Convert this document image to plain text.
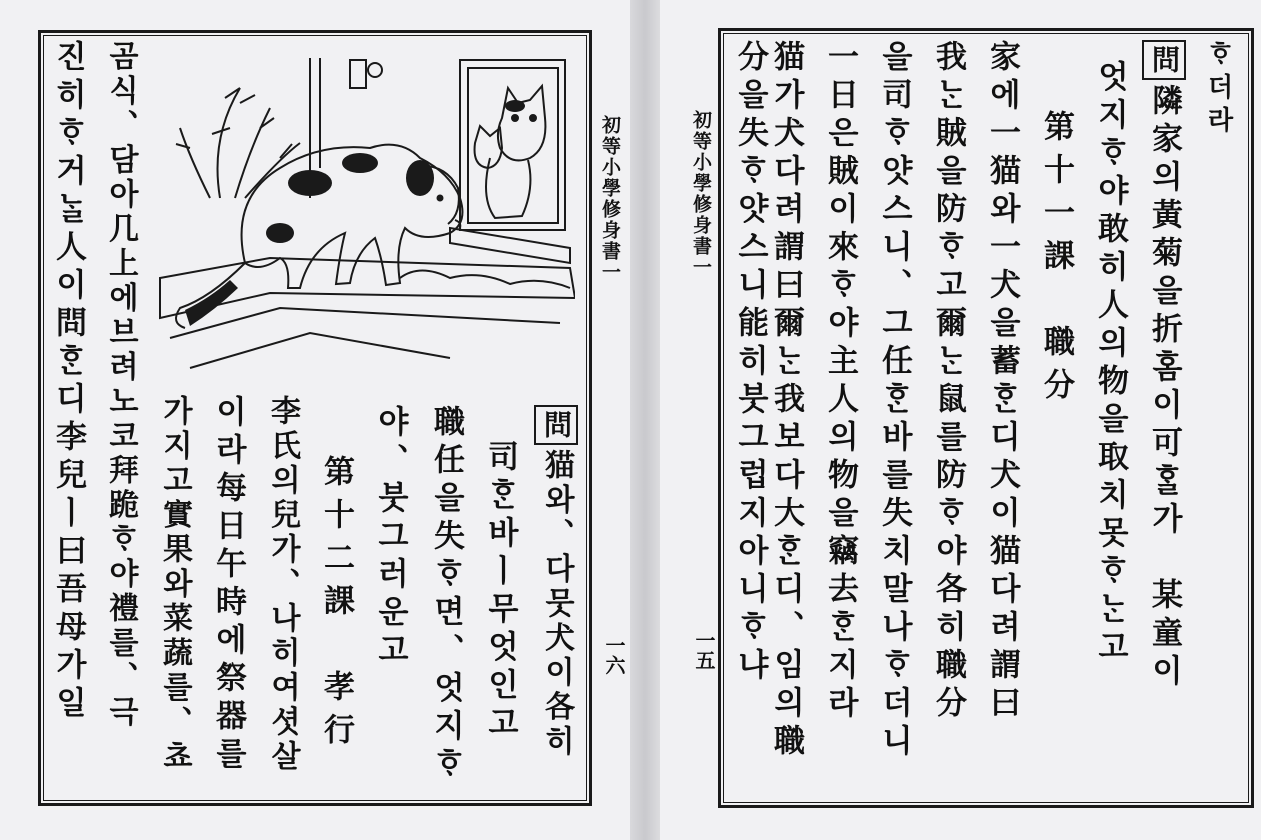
初等小學修身書一
一六
問猫와、다뭇犬이各히
司ᄒᆞᆫ바ㅣ무엇인고
職任을失ᄒᆞ면、엇지ᄒᆞ
야、붓그러운고
第十二課　孝行
李氏의兒가、나히여셧살
이라每日午時에祭器를
가지고實果와菜蔬를、쵸
곰식、담아几上에브려노코拜跪ᄒᆞ야禮를、극
진히ᄒᆞ거ᄂᆞᆯ人이問ᄒᆞᆫ디李兒ㅣ曰吾母가일	初等小學修身書一
一五
ᄒᆞ더라
問隣家의黃菊을折홈이可ᄒᆞᆯ가　某童이
엇지ᄒᆞ야敢히人의物을取치못ᄒᆞᄂᆞᆫ고
第十一課　職分
家에一猫와一犬을蓄ᄒᆞᆫ디犬이猫다려謂曰
我ᄂᆞᆫ賊을防ᄒᆞ고爾ᄂᆞᆫ鼠를防ᄒᆞ야各히職分
을司ᄒᆞ얏스니、그任ᄒᆞᆫ바를失치말나ᄒᆞ더니
一日은賊이來ᄒᆞ야主人의物을竊去ᄒᆞᆫ지라
猫가犬다려謂曰爾ᄂᆞᆫ我보다大ᄒᆞᆫ디、임의職
分을失ᄒᆞ얏스니能히붓그럽지아니ᄒᆞ냐
